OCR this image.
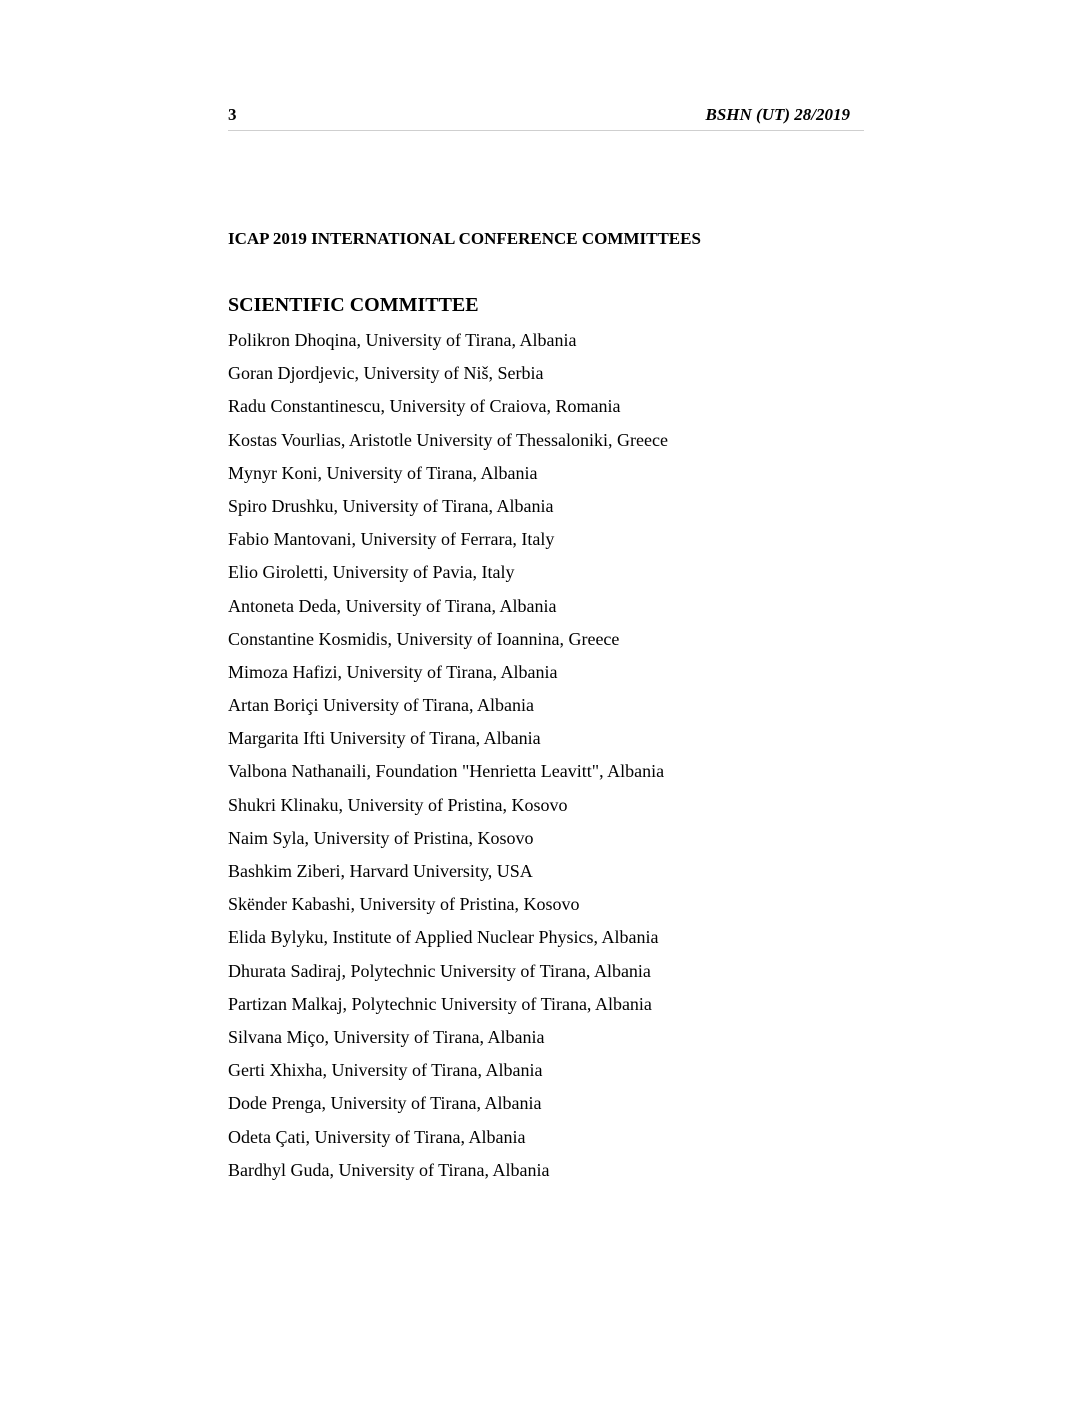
3	BSHN (UT) 28/2019
ICAP 2019 INTERNATIONAL CONFERENCE COMMITTEES
SCIENTIFIC COMMITTEE
Polikron Dhoqina, University of Tirana, Albania
Goran Djordjevic, University of Niš, Serbia
Radu Constantinescu, University of Craiova, Romania
Kostas Vourlias, Aristotle University of Thessaloniki, Greece
Mynyr Koni, University of Tirana, Albania
Spiro Drushku, University of Tirana, Albania
Fabio Mantovani, University of Ferrara, Italy
Elio Giroletti, University of Pavia, Italy
Antoneta Deda, University of Tirana, Albania
Constantine Kosmidis, University of Ioannina, Greece
Mimoza Hafizi, University of Tirana, Albania
Artan Boriçi University of Tirana, Albania
Margarita Ifti University of Tirana, Albania
Valbona Nathanaili, Foundation "Henrietta Leavitt", Albania
Shukri Klinaku, University of Pristina, Kosovo
Naim Syla, University of Pristina, Kosovo
Bashkim Ziberi, Harvard University, USA
Skënder Kabashi, University of Pristina, Kosovo
Elida Bylyku, Institute of Applied Nuclear Physics, Albania
Dhurata Sadiraj, Polytechnic University of Tirana, Albania
Partizan Malkaj, Polytechnic University of Tirana, Albania
Silvana Miço, University of Tirana, Albania
Gerti Xhixha, University of Tirana, Albania
Dode Prenga, University of Tirana, Albania
Odeta Çati, University of Tirana, Albania
Bardhyl Guda, University of Tirana, Albania
